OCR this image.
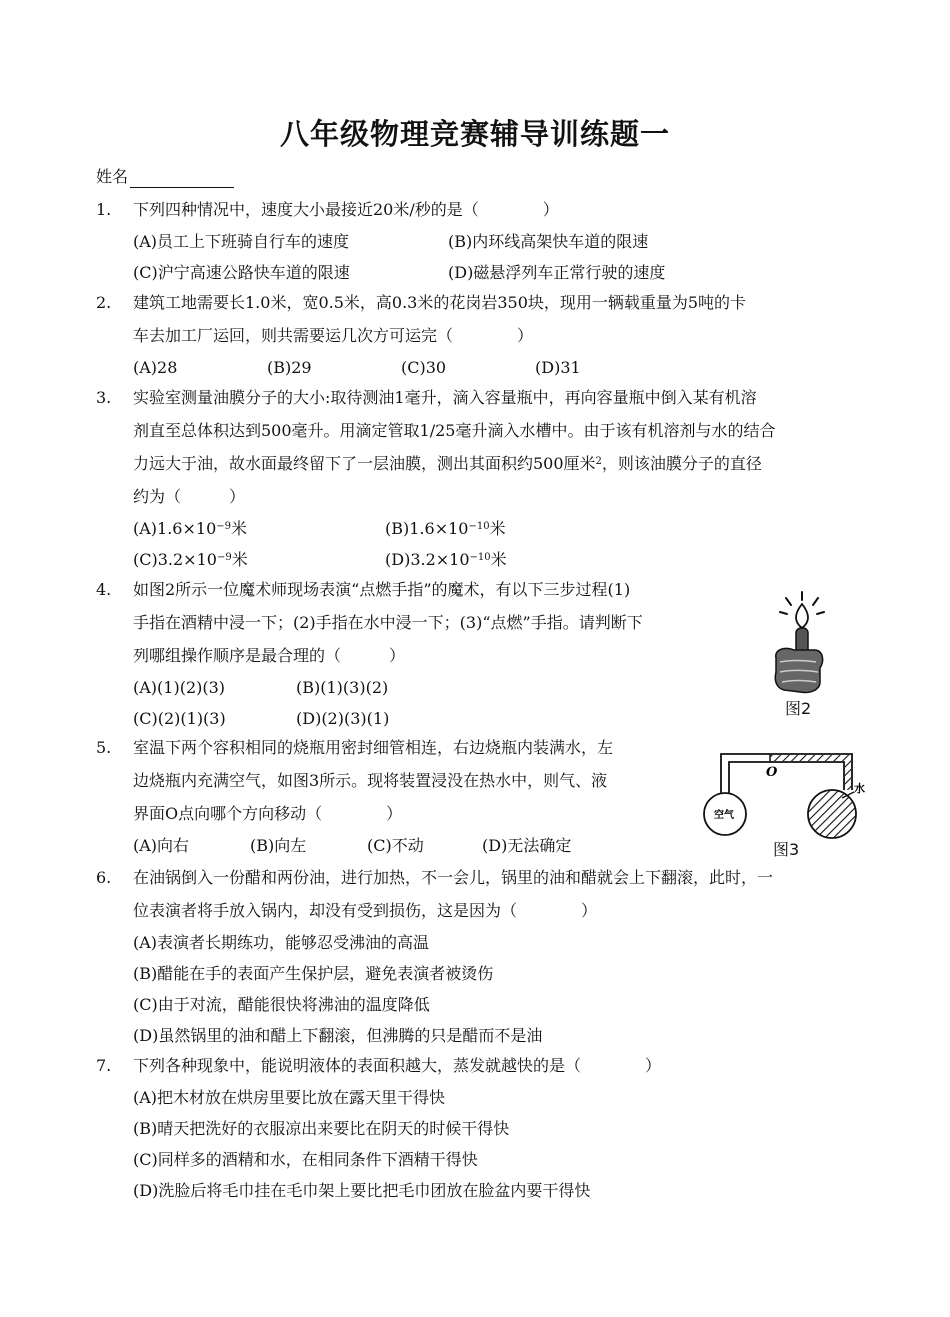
八年级物理竞赛辅导训练题一
姓名
1.	下列四种情况中，速度大小最接近20米/秒的是（　　　　）
(A)员工上下班骑自行车的速度	(B)内环线高架快车道的限速
(C)沪宁高速公路快车道的限速	(D)磁悬浮列车正常行驶的速度
2.	建筑工地需要长1.0米，宽0.5米，高0.3米的花岗岩350块，现用一辆载重量为5吨的卡
车去加工厂运回，则共需要运几次方可运完（　　　　）
(A)28	(B)29	(C)30	(D)31
3.	实验室测量油膜分子的大小:取待测油1毫升，滴入容量瓶中，再向容量瓶中倒入某有机溶
剂直至总体积达到500毫升。用滴定管取1/25毫升滴入水槽中。由于该有机溶剂与水的结合
力远大于油，故水面最终留下了一层油膜，测出其面积约500厘米$^2$，则该油膜分子的直径
约为（　　　）
$(A)1.6\times 10^{-9}$米	$(B)1.6\times 10^{-10}$米
$(C)3.2\times 10^{-9}$米	$(D)3.2\times 10^{-10}$米
4.	如图2所示一位魔术师现场表演“点燃手指”的魔术，有以下三步过程(1)
手指在酒精中浸一下；(2)手指在水中浸一下；(3)“点燃”手指。请判断下
列哪组操作顺序是最合理的（　　　）
(A)(1)(2)(3)	(B)(1)(3)(2)
(C)(2)(1)(3)	(D)(2)(3)(1)
图2
5.	室温下两个容积相同的烧瓶用密封细管相连，右边烧瓶内装满水，左
边烧瓶内充满空气，如图3所示。现将装置浸没在热水中，则气、液
界面O点向哪个方向移动（　　　　）
(A)向右	(B)向左	(C)不动	(D)无法确定
O
空气
水
图3
6.	在油锅倒入一份醋和两份油，进行加热，不一会儿，锅里的油和醋就会上下翻滚，此时，一
位表演者将手放入锅内，却没有受到损伤，这是因为（　　　　）
(A)表演者长期练功，能够忍受沸油的高温
(B)醋能在手的表面产生保护层，避免表演者被烫伤
(C)由于对流，醋能很快将沸油的温度降低
(D)虽然锅里的油和醋上下翻滚，但沸腾的只是醋而不是油
7.	下列各种现象中，能说明液体的表面积越大，蒸发就越快的是（　　　　）
(A)把木材放在烘房里要比放在露天里干得快
(B)晴天把洗好的衣服凉出来要比在阴天的时候干得快
(C)同样多的酒精和水，在相同条件下酒精干得快
(D)洗脸后将毛巾挂在毛巾架上要比把毛巾团放在脸盆内要干得快
